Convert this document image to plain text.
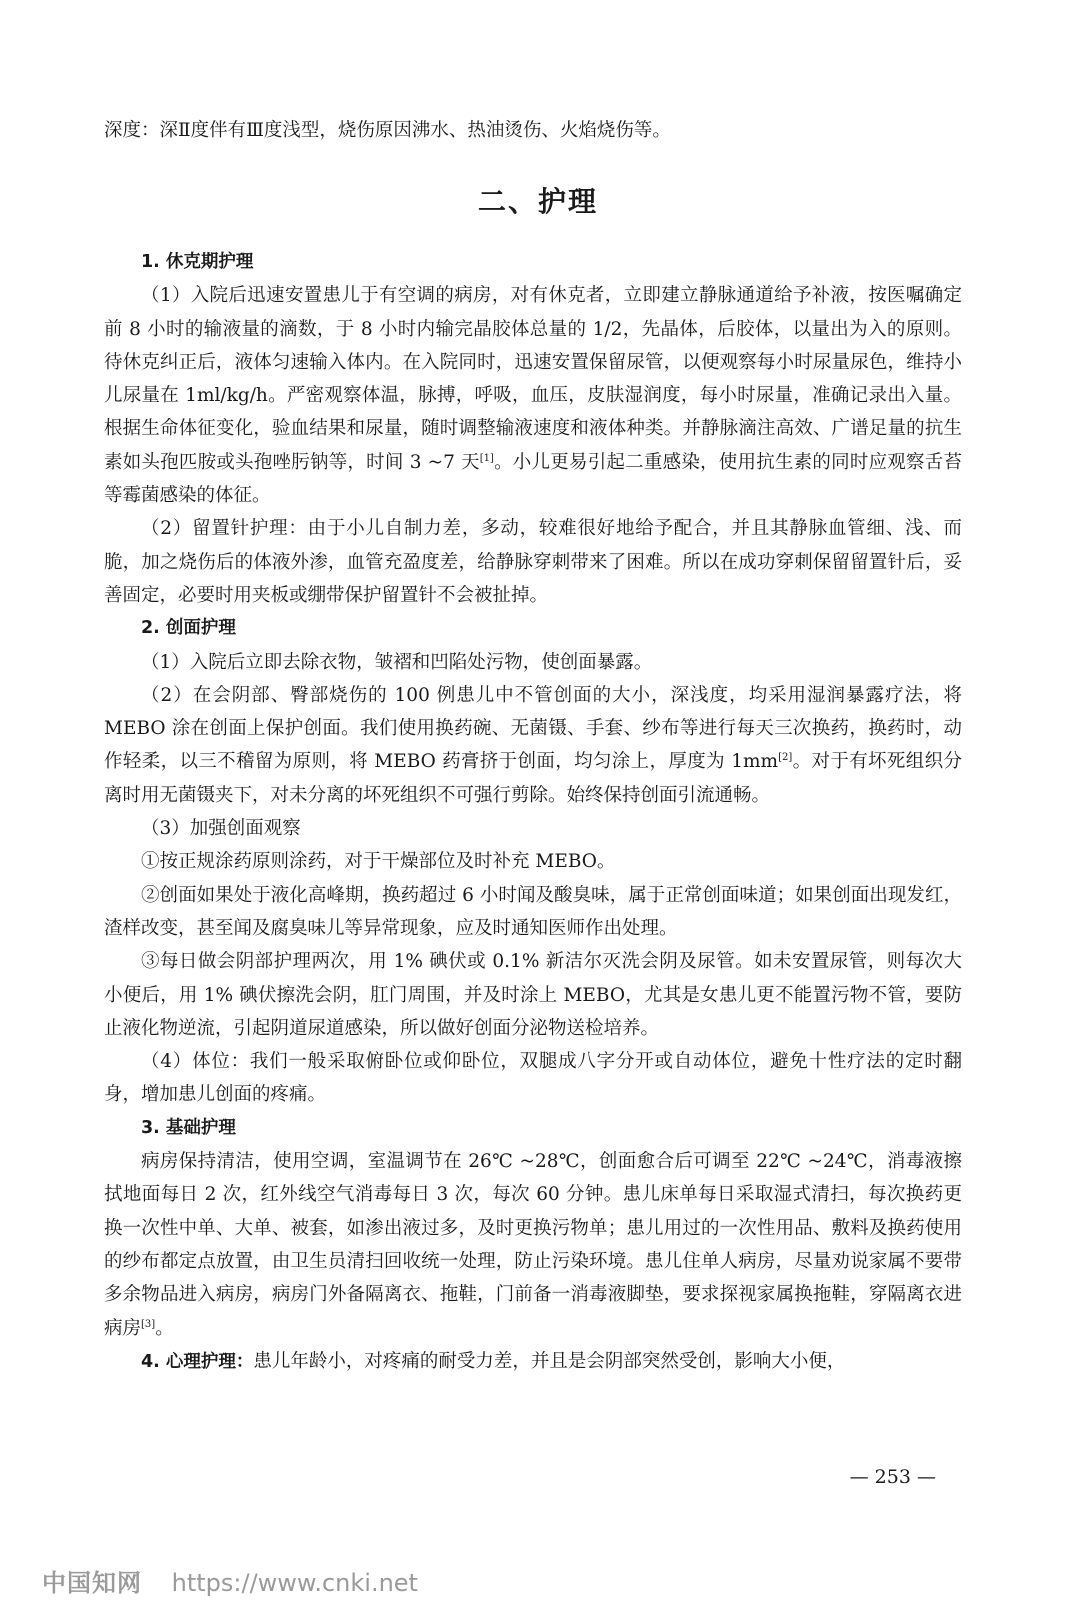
深度：深Ⅱ度伴有Ⅲ度浅型，烧伤原因沸水、热油烫伤、火焰烧伤等。

二、护理

1. 休克期护理

（1）入院后迅速安置患儿于有空调的病房，对有休克者，立即建立静脉通道给予补液，按医嘱确定前 8 小时的输液量的滴数，于 8 小时内输完晶胶体总量的 1/2，先晶体，后胶体，以量出为入的原则。待休克纠正后，液体匀速输入体内。在入院同时，迅速安置保留尿管，以便观察每小时尿量尿色，维持小儿尿量在 1ml/kg/h。严密观察体温，脉搏，呼吸，血压，皮肤湿润度，每小时尿量，准确记录出入量。根据生命体征变化，验血结果和尿量，随时调整输液速度和液体种类。并静脉滴注高效、广谱足量的抗生素如头孢匹胺或头孢唑肟钠等，时间 3 ~7 天[1]。小儿更易引起二重感染，使用抗生素的同时应观察舌苔等霉菌感染的体征。

（2）留置针护理：由于小儿自制力差，多动，较难很好地给予配合，并且其静脉血管细、浅、而脆，加之烧伤后的体液外渗，血管充盈度差，给静脉穿刺带来了困难。所以在成功穿刺保留留置针后，妥善固定，必要时用夹板或绷带保护留置针不会被扯掉。

2. 创面护理

（1）入院后立即去除衣物，皱褶和凹陷处污物，使创面暴露。

（2）在会阴部、臀部烧伤的 100 例患儿中不管创面的大小，深浅度，均采用湿润暴露疗法，将 MEBO 涂在创面上保护创面。我们使用换药碗、无菌镊、手套、纱布等进行每天三次换药，换药时，动作轻柔，以三不稽留为原则，将 MEBO 药膏挤于创面，均匀涂上，厚度为 1mm[2]。对于有坏死组织分离时用无菌镊夹下，对未分离的坏死组织不可强行剪除。始终保持创面引流通畅。

（3）加强创面观察

①按正规涂药原则涂药，对于干燥部位及时补充 MEBO。

②创面如果处于液化高峰期，换药超过 6 小时闻及酸臭味，属于正常创面味道；如果创面出现发红，渣样改变，甚至闻及腐臭味儿等异常现象，应及时通知医师作出处理。

③每日做会阴部护理两次，用 1% 碘伏或 0.1% 新洁尔灭洗会阴及尿管。如未安置尿管，则每次大小便后，用 1% 碘伏擦洗会阴，肛门周围，并及时涂上 MEBO，尤其是女患儿更不能置污物不管，要防止液化物逆流，引起阴道尿道感染，所以做好创面分泌物送检培养。

（4）体位：我们一般采取俯卧位或仰卧位，双腿成八字分开或自动体位，避免十性疗法的定时翻身，增加患儿创面的疼痛。

3. 基础护理

病房保持清洁，使用空调，室温调节在 26℃ ~28℃，创面愈合后可调至 22℃ ~24℃，消毒液擦拭地面每日 2 次，红外线空气消毒每日 3 次，每次 60 分钟。患儿床单每日采取湿式清扫，每次换药更换一次性中单、大单、被套，如渗出液过多，及时更换污物单；患儿用过的一次性用品、敷料及换药使用的纱布都定点放置，由卫生员清扫回收统一处理，防止污染环境。患儿住单人病房，尽量劝说家属不要带多余物品进入病房，病房门外备隔离衣、拖鞋，门前备一消毒液脚垫，要求探视家属换拖鞋，穿隔离衣进病房[3]。

4. 心理护理：患儿年龄小，对疼痛的耐受力差，并且是会阴部突然受创，影响大小便，

— 253 —
中国知网 https://www.cnki.net
